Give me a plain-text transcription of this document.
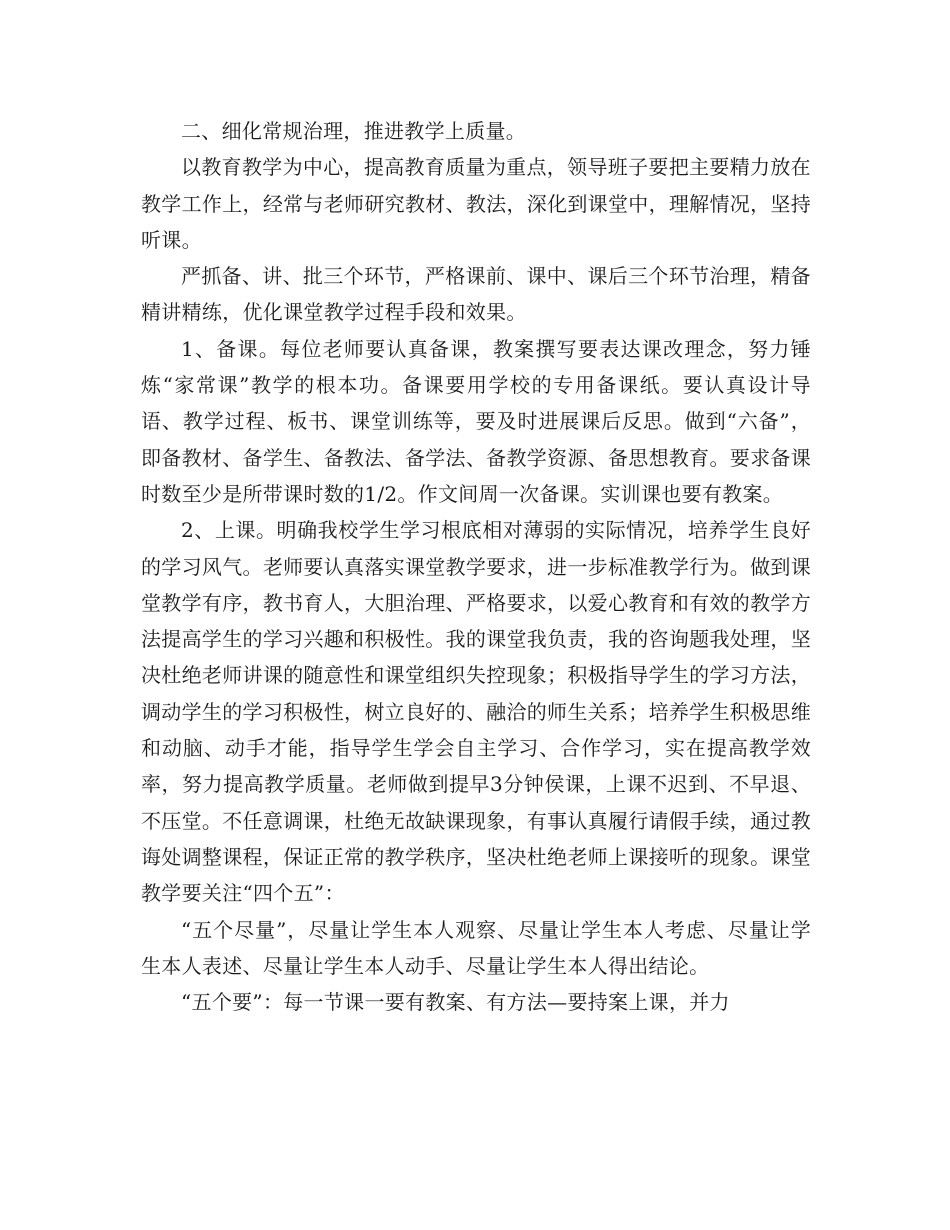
二、细化常规治理，推进教学上质量。

以教育教学为中心，提高教育质量为重点，领导班子要把主要精力放在教学工作上，经常与老师研究教材、教法，深化到课堂中，理解情况，坚持听课。

严抓备、讲、批三个环节，严格课前、课中、课后三个环节治理，精备精讲精练，优化课堂教学过程手段和效果。

1、备课。每位老师要认真备课，教案撰写要表达课改理念，努力锤炼“家常课”教学的根本功。备课要用学校的专用备课纸。要认真设计导语、教学过程、板书、课堂训练等，要及时进展课后反思。做到“六备”，即备教材、备学生、备教法、备学法、备教学资源、备思想教育。要求备课时数至少是所带课时数的1/2。作文间周一次备课。实训课也要有教案。

2、上课。明确我校学生学习根底相对薄弱的实际情况，培养学生良好的学习风气。老师要认真落实课堂教学要求，进一步标准教学行为。做到课堂教学有序，教书育人，大胆治理、严格要求，以爱心教育和有效的教学方法提高学生的学习兴趣和积极性。我的课堂我负责，我的咨询题我处理，坚决杜绝老师讲课的随意性和课堂组织失控现象；积极指导学生的学习方法，调动学生的学习积极性，树立良好的、融洽的师生关系；培养学生积极思维和动脑、动手才能，指导学生学会自主学习、合作学习，实在提高教学效率，努力提高教学质量。老师做到提早3分钟侯课，上课不迟到、不早退、不压堂。不任意调课，杜绝无故缺课现象，有事认真履行请假手续，通过教诲处调整课程，保证正常的教学秩序，坚决杜绝老师上课接听的现象。课堂教学要关注“四个五”：

“五个尽量”，尽量让学生本人观察、尽量让学生本人考虑、尽量让学生本人表述、尽量让学生本人动手、尽量让学生本人得出结论。

“五个要”：每一节课一要有教案、有方法—要持案上课，并力
